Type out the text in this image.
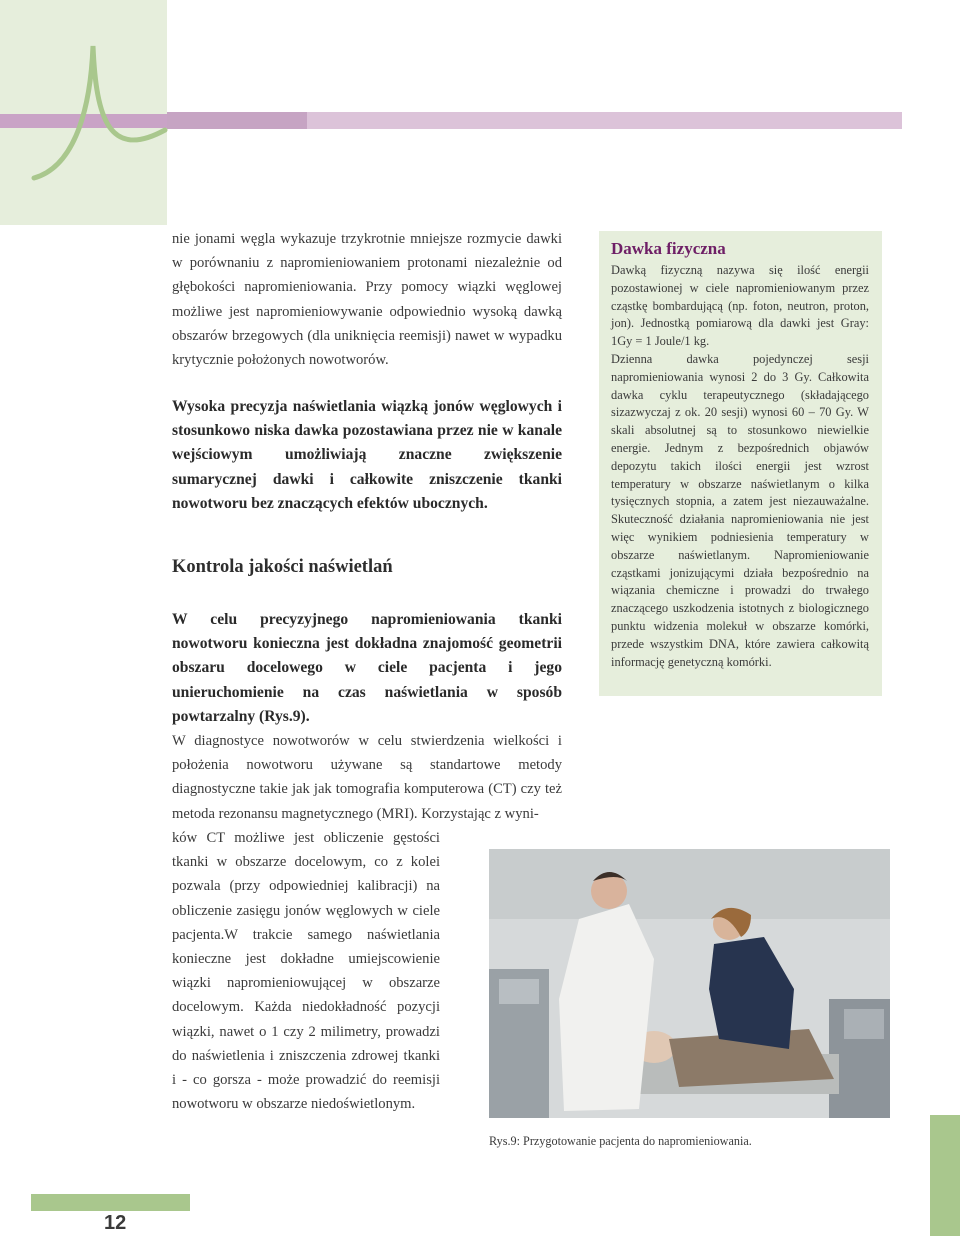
nie jonami węgla wykazuje trzykrotnie mniejsze rozmycie dawki w porównaniu z napromieniowaniem protonami niezależnie od głębokości napromieniowania. Przy pomocy wiązki węglowej możliwe jest napromieniowywanie odpowiednio wysoką dawką obszarów brzegowych (dla uniknięcia reemisji) nawet w wypadku krytycznie położonych nowotworów.

Wysoka precyzja naświetlania wiązką jonów węglowych i stosunkowo niska dawka pozostawiana przez nie w kanale wejściowym umożliwiają znaczne zwiększenie sumarycznej dawki i całkowite zniszczenie tkanki nowotworu bez znaczących efektów ubocznych.

Kontrola jakości naświetlań

W celu precyzyjnego napromieniowania tkanki nowotworu konieczna jest dokładna znajomość geometrii obszaru docelowego w ciele pacjenta i jego unieruchomienie na czas naświetlania w sposób powtarzalny (Rys.9).

W diagnostyce nowotworów w celu stwierdzenia wielkości i położenia nowotworu używane są standartowe metody diagnostyczne takie jak jak tomografia komputerowa (CT) czy też metoda rezonansu magnetycznego (MRI). Korzystając z wyni-

ków CT możliwe jest obliczenie gęstości tkanki w obszarze docelowym, co z kolei pozwala (przy odpowiedniej kalibracji) na obliczenie zasięgu jonów węglowych w ciele pacjenta.W trakcie samego naświetlania konieczne jest dokładne umiejscowienie wiązki napromieniowującej w obszarze docelowym. Każda niedokładność pozycji wiązki, nawet o 1 czy 2 milimetry, prowadzi do naświetlenia i zniszczenia zdrowej tkanki i - co gorsza - może prowadzić do reemisji nowotworu w obszarze niedoświetlonym.

Dawka fizyczna

Dawką fizyczną nazywa się ilość energii pozostawionej w ciele napromieniowanym przez cząstkę bombardującą (np. foton, neutron, proton, jon). Jednostką pomiarową dla dawki jest Gray: 1Gy = 1 Joule/1 kg.

Dzienna dawka pojedynczej sesji napromieniowania wynosi 2 do 3 Gy. Całkowita dawka cyklu terapeutycznego (składającego sizazwyczaj z ok. 20 sesji) wynosi 60 – 70 Gy. W skali absolutnej są to stosunkowo niewielkie energie. Jednym z bezpośrednich objawów depozytu takich ilości energii jest wzrost temperatury w obszarze naświetlanym o kilka tysięcznych stopnia, a zatem jest niezauważalne. Skuteczność działania napromieniowania nie jest więc wynikiem podniesienia temperatury w obszarze naświetlanym. Napromieniowanie cząstkami jonizującymi działa bezpośrednio na wiązania chemiczne i prowadzi do trwałego znaczącego uszkodzenia istotnych z biologicznego punktu widzenia molekuł w obszarze komórki, przede wszystkim DNA, które zawiera całkowitą informację genetyczną komórki.

Rys.9: Przygotowanie pacjenta do napromieniowania.
12
